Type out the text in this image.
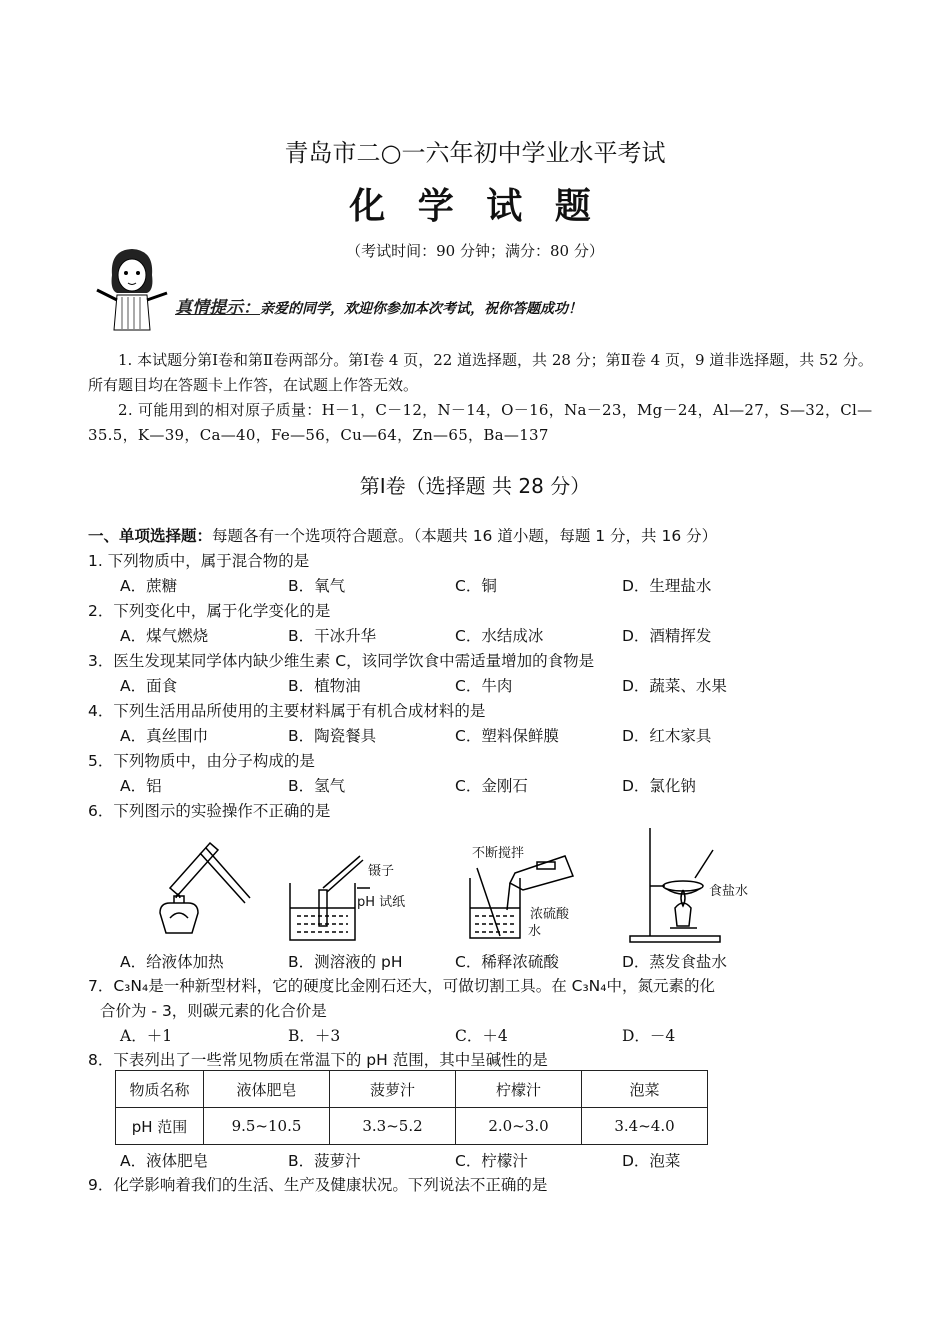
青岛市二○一六年初中学业水平考试
化 学 试 题
（考试时间：90 分钟；满分：80 分）
真情提示：亲爱的同学，欢迎你参加本次考试，祝你答题成功！
1. 本试题分第Ⅰ卷和第Ⅱ卷两部分。第Ⅰ卷 4 页，22 道选择题，共 28 分；第Ⅱ卷 4 页，9 道非选择题，共 52 分。所有题目均在答题卡上作答，在试题上作答无效。
2. 可能用到的相对原子质量：H－1，C－12，N－14，O－16，Na－23，Mg－24，Al—27，S—32，Cl—35.5，K—39，Ca—40，Fe—56，Cu—64，Zn—65，Ba—137
第Ⅰ卷（选择题 共 28 分）
一、单项选择题：每题各有一个选项符合题意。（本题共 16 道小题，每题 1 分，共 16 分）
1. 下列物质中，属于混合物的是
A．蔗糖	B．氧气	C．铜	D．生理盐水
2．下列变化中，属于化学变化的是
A．煤气燃烧	B．干冰升华	C．水结成冰	D．酒精挥发
3．医生发现某同学体内缺少维生素 C，该同学饮食中需适量增加的食物是
A．面食	B．植物油	C．牛肉	D．蔬菜、水果
4．下列生活用品所使用的主要材料属于有机合成材料的是
A．真丝围巾	B．陶瓷餐具	C．塑料保鲜膜	D．红木家具
5．下列物质中，由分子构成的是
A．铝	B．氢气	C．金刚石	D．氯化钠
6．下列图示的实验操作不正确的是
镊子
pH 试纸
不断搅拌
浓硫酸
水
食盐水
A．给液体加热	B．测溶液的 pH	C．稀释浓硫酸	D．蒸发食盐水
7．C₃N₄是一种新型材料，它的硬度比金刚石还大，可做切割工具。在 C₃N₄中，氮元素的化
合价为 - 3，则碳元素的化合价是
A．＋1	B．＋3	C．＋4	D．－4
8．下表列出了一些常见物质在常温下的 pH 范围，其中呈碱性的是
物质名称	液体肥皂	菠萝汁	柠檬汁	泡菜
pH 范围	9.5~10.5	3.3~5.2	2.0~3.0	3.4~4.0
A．液体肥皂	B．菠萝汁	C．柠檬汁	D．泡菜
9．化学影响着我们的生活、生产及健康状况。下列说法不正确的是
